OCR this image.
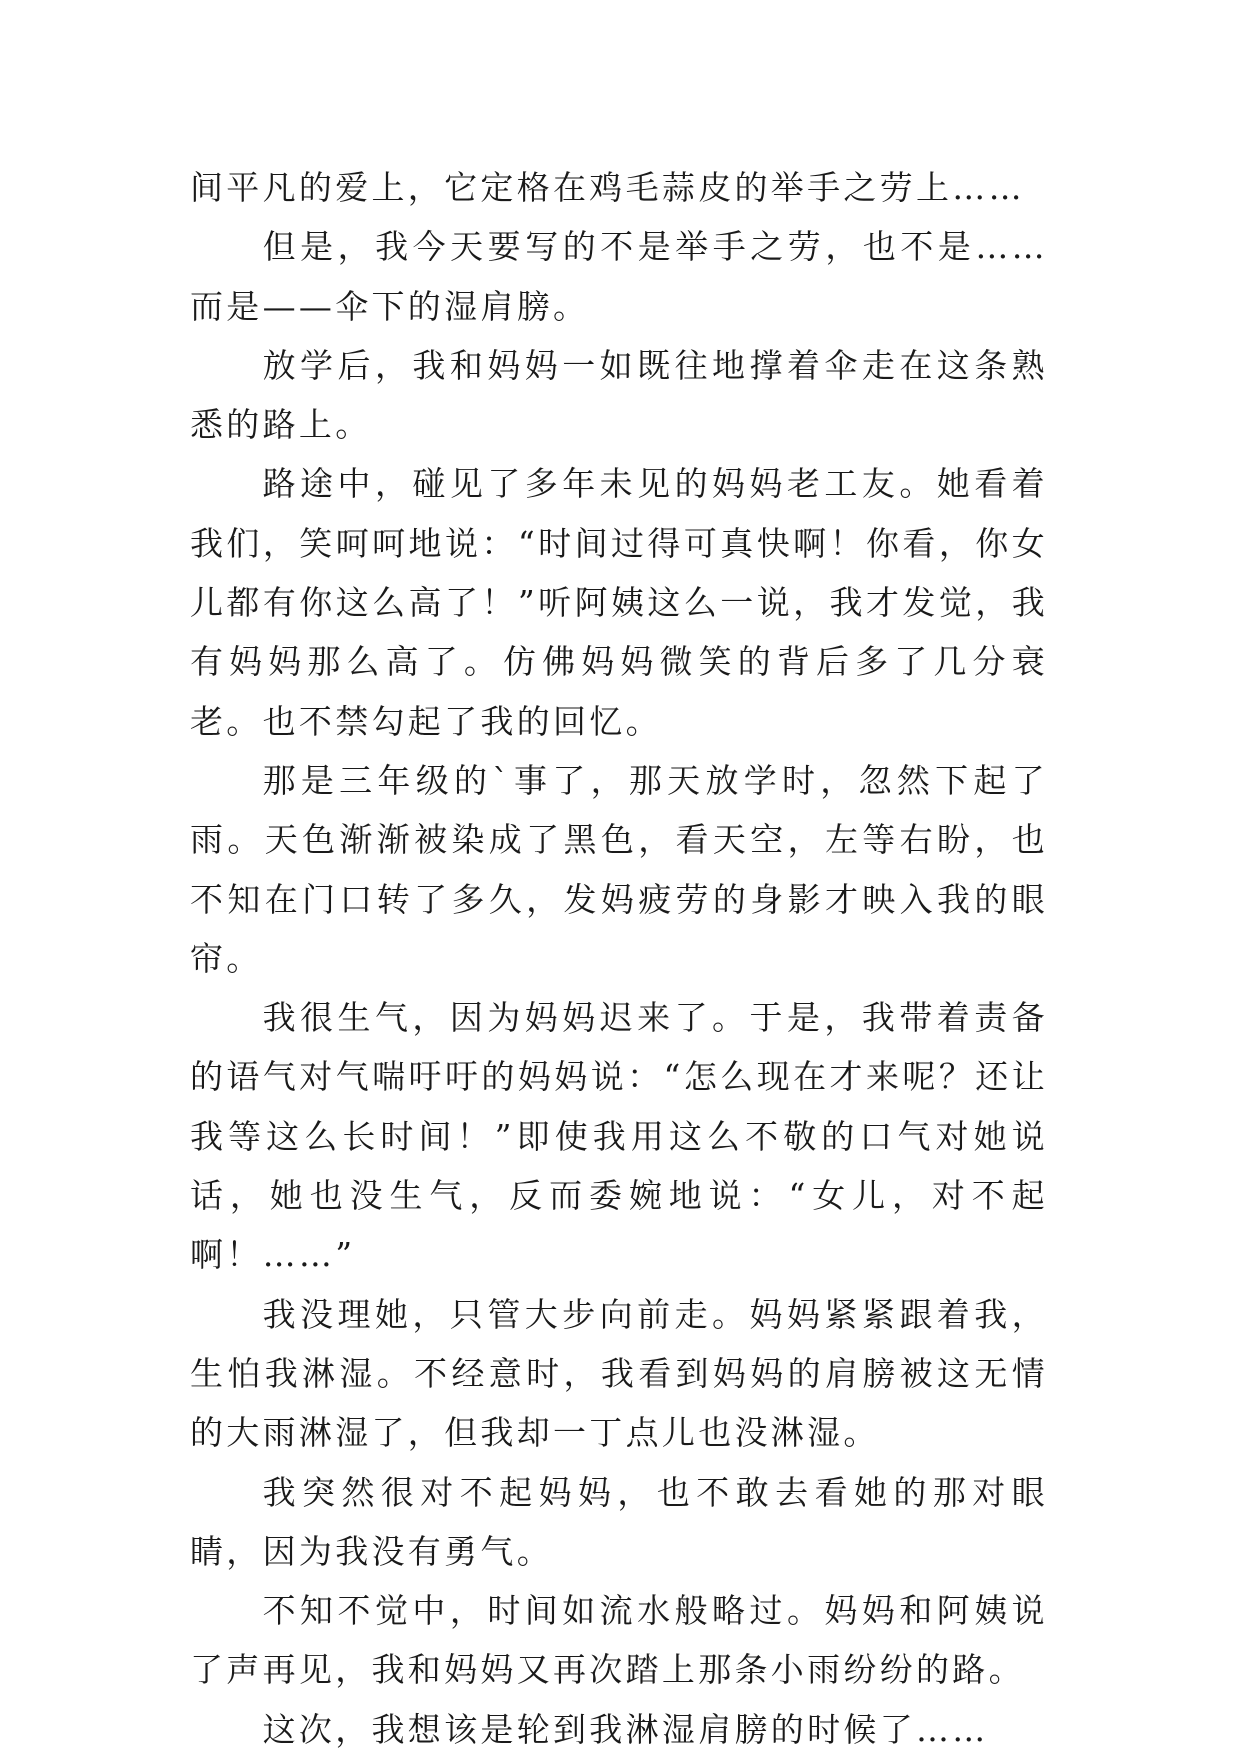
间平凡的爱上，它定格在鸡毛蒜皮的举手之劳上……

但是，我今天要写的不是举手之劳，也不是……而是——伞下的湿肩膀。

放学后，我和妈妈一如既往地撑着伞走在这条熟悉的路上。

路途中，碰见了多年未见的妈妈老工友。她看着我们，笑呵呵地说：“时间过得可真快啊！你看，你女儿都有你这么高了！”听阿姨这么一说，我才发觉，我有妈妈那么高了。仿佛妈妈微笑的背后多了几分衰老。也不禁勾起了我的回忆。

那是三年级的`事了，那天放学时，忽然下起了雨。天色渐渐被染成了黑色，看天空，左等右盼，也不知在门口转了多久，发妈疲劳的身影才映入我的眼帘。

我很生气，因为妈妈迟来了。于是，我带着责备的语气对气喘吁吁的妈妈说：“怎么现在才来呢？还让我等这么长时间！”即使我用这么不敬的口气对她说话，她也没生气，反而委婉地说：“女儿，对不起啊！……”

我没理她，只管大步向前走。妈妈紧紧跟着我，生怕我淋湿。不经意时，我看到妈妈的肩膀被这无情的大雨淋湿了，但我却一丁点儿也没淋湿。

我突然很对不起妈妈，也不敢去看她的那对眼睛，因为我没有勇气。

不知不觉中，时间如流水般略过。妈妈和阿姨说了声再见，我和妈妈又再次踏上那条小雨纷纷的路。

这次，我想该是轮到我淋湿肩膀的时候了……
